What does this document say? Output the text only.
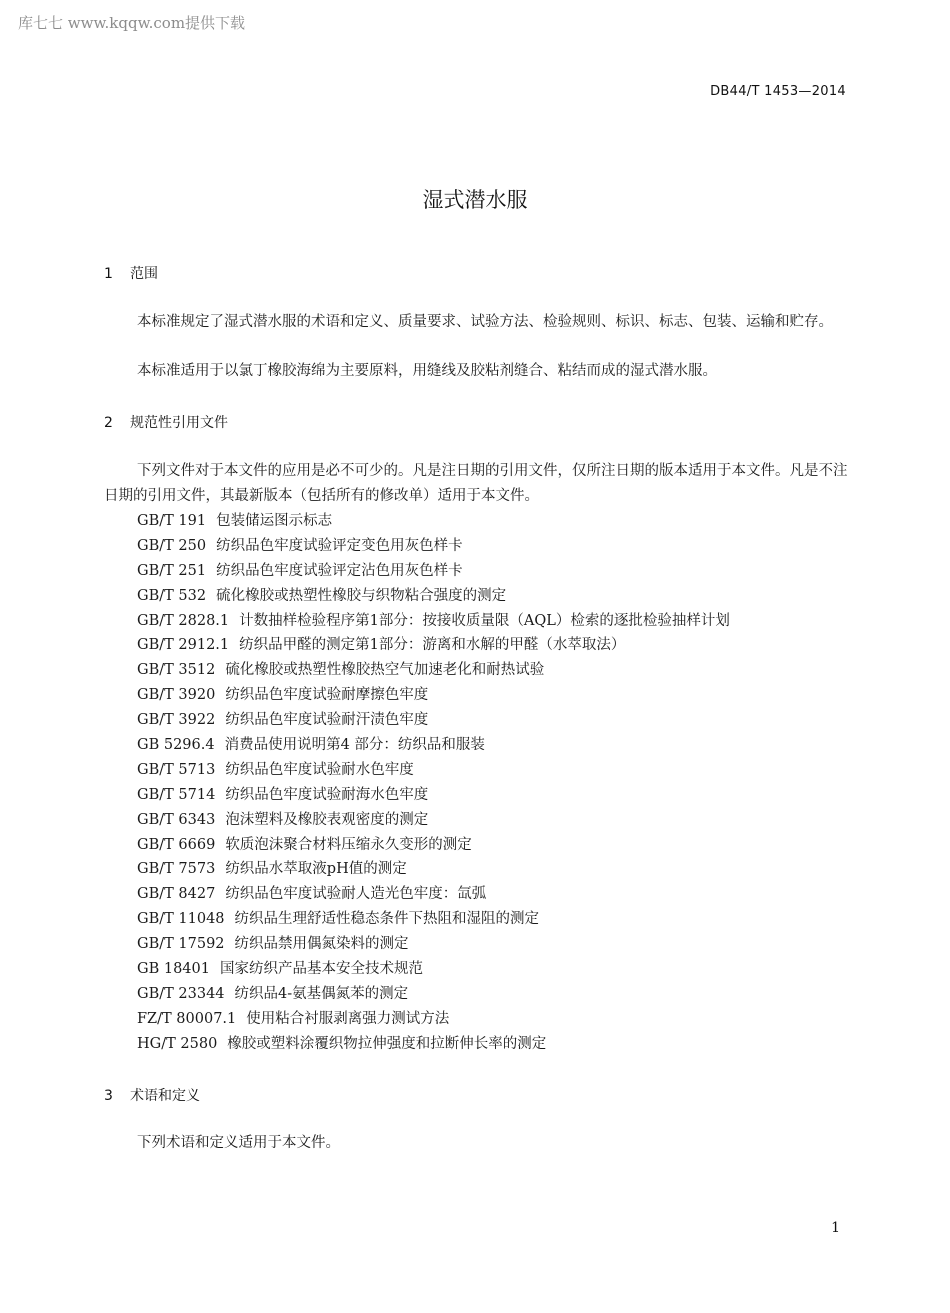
库七七 www.kqqw.com提供下载
DB44/T 1453—2014
湿式潜水服
1 范围
本标准规定了湿式潜水服的术语和定义、质量要求、试验方法、检验规则、标识、标志、包装、运输和贮存。
本标准适用于以氯丁橡胶海绵为主要原料，用缝线及胶粘剂缝合、粘结而成的湿式潜水服。
2 规范性引用文件
下列文件对于本文件的应用是必不可少的。凡是注日期的引用文件，仅所注日期的版本适用于本文件。凡是不注日期的引用文件，其最新版本（包括所有的修改单）适用于本文件。
GB/T 191 包装储运图示标志
GB/T 250 纺织品色牢度试验评定变色用灰色样卡
GB/T 251 纺织品色牢度试验评定沾色用灰色样卡
GB/T 532 硫化橡胶或热塑性橡胶与织物粘合强度的测定
GB/T 2828.1 计数抽样检验程序第1部分：按接收质量限（AQL）检索的逐批检验抽样计划
GB/T 2912.1 纺织品甲醛的测定第1部分：游离和水解的甲醛（水萃取法）
GB/T 3512 硫化橡胶或热塑性橡胶热空气加速老化和耐热试验
GB/T 3920 纺织品色牢度试验耐摩擦色牢度
GB/T 3922 纺织品色牢度试验耐汗渍色牢度
GB 5296.4 消费品使用说明第4 部分：纺织品和服装
GB/T 5713 纺织品色牢度试验耐水色牢度
GB/T 5714 纺织品色牢度试验耐海水色牢度
GB/T 6343 泡沫塑料及橡胶表观密度的测定
GB/T 6669 软质泡沫聚合材料压缩永久变形的测定
GB/T 7573 纺织品水萃取液pH值的测定
GB/T 8427 纺织品色牢度试验耐人造光色牢度：氙弧
GB/T 11048 纺织品生理舒适性稳态条件下热阻和湿阻的测定
GB/T 17592 纺织品禁用偶氮染料的测定
GB 18401 国家纺织产品基本安全技术规范
GB/T 23344 纺织品4-氨基偶氮苯的测定
FZ/T 80007.1 使用粘合衬服剥离强力测试方法
HG/T 2580 橡胶或塑料涂覆织物拉伸强度和拉断伸长率的测定
3 术语和定义
下列术语和定义适用于本文件。
1
